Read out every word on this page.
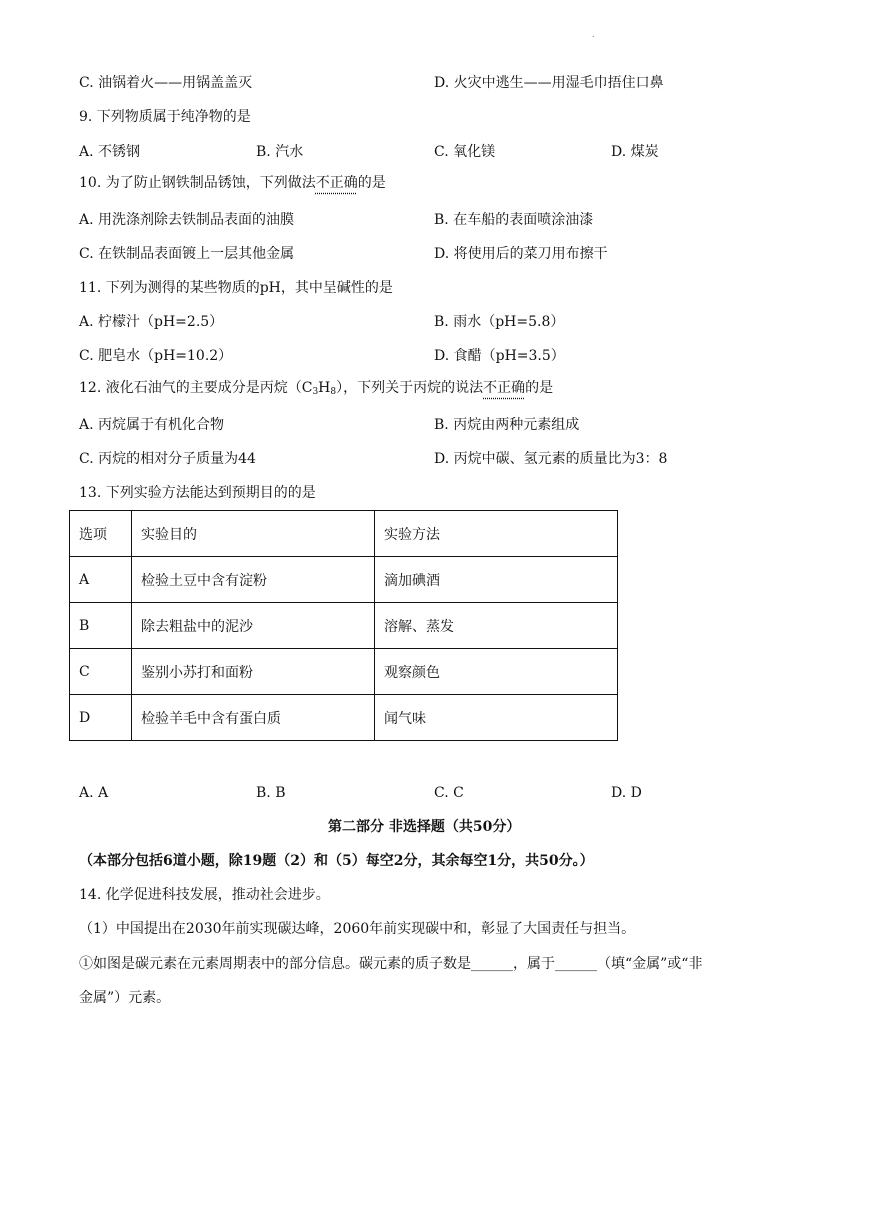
.
C. 油锅着火——用锅盖盖灭	D. 火灾中逃生——用湿毛巾捂住口鼻
9. 下列物质属于纯净物的是
A. 不锈钢	B. 汽水	C. 氧化镁	D. 煤炭
10. 为了防止钢铁制品锈蚀，下列做法不正确的是
A. 用洗涤剂除去铁制品表面的油膜	B. 在车船的表面喷涂油漆
C. 在铁制品表面镀上一层其他金属	D. 将使用后的菜刀用布擦干
11. 下列为测得的某些物质的pH，其中呈碱性的是
A. 柠檬汁（pH=2.5）	B. 雨水（pH=5.8）
C. 肥皂水（pH=10.2）	D. 食醋（pH=3.5）
12. 液化石油气的主要成分是丙烷$(C_3H_8)$，下列关于丙烷的说法不正确的是
A. 丙烷属于有机化合物	B. 丙烷由两种元素组成
C. 丙烷的相对分子质量为44	D. 丙烷中碳、氢元素的质量比为3：8
13. 下列实验方法能达到预期目的的是
选项	实验目的	实验方法
A	检验土豆中含有淀粉	滴加碘酒
B	除去粗盐中的泥沙	溶解、蒸发
C	鉴别小苏打和面粉	观察颜色
D	检验羊毛中含有蛋白质	闻气味
A. A	B. B	C. C	D. D
第二部分 非选择题（共50分）
（本部分包括6道小题，除19题（2）和（5）每空2分，其余每空1分，共50分。）
14. 化学促进科技发展，推动社会进步。
（1）中国提出在2030年前实现碳达峰，2060年前实现碳中和，彰显了大国责任与担当。
①如图是碳元素在元素周期表中的部分信息。碳元素的质子数是______，属于______（填“金属”或“非
金属”）元素。
